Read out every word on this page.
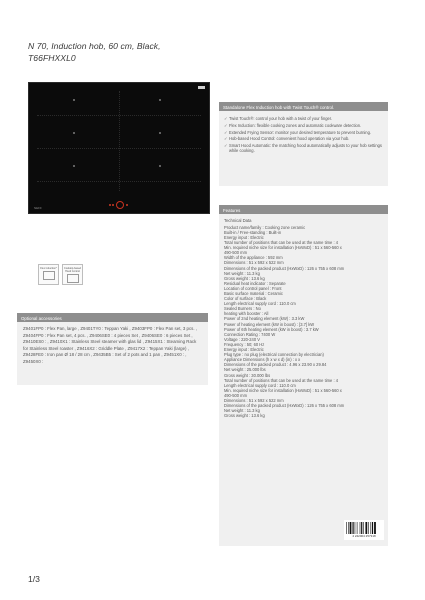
N 70, Induction hob, 60 cm, Black,
T66FHXXL0
NEFF
Flex Induction*	Cooktop-based Hood Control
Standalone Flex Induction hob with Twist Touch® control.
✓ Twist Touch®: control your hob with a twist of your finger.
✓ Flex Induction: flexible cooking zones and automatic cookware detection.
✓ Extended Frying Sensor: monitor your desired temperature to prevent burning.
✓ Hob-based Hood Control: convenient hood operation via your hob.
✓ Smart Hood Automatic: the matching hood automatically adjusts to your hob settings while cooking.
Features
Technical Data
Product name/family : Cooking zone ceramic
Built-in / Free-standing : Built-in
Energy input : Electric
Total number of positions that can be used at the same time : 4
Min. required niche size for installation (HxWxD) : 51 x 560-560 x
490-500 mm
Width of the appliance : 592 mm
Dimensions : 51 x 592 x 522 mm
Dimensions of the packed product (HxWxD) : 126 x 755 x 608 mm
Net weight : 11.3 kg
Gross weight : 13.6 kg
Residual heat indicator : Separate
Location of control panel : Front
Basic surface material : Ceramic
Color of surface : Black
Length electrical supply cord : 110.0 cm
Sealed Burners : No
heating with booster : All
Power of 2nd heating element (kW) : 3.3 kW
Power of heating element (kW in boost) : [3.7] kW
Power of 6th heating element (kW in boost) : 3.7 kW
Connection Rating : 7400 W
Voltage : 220-240 V
Frequency : 50; 60 Hz
Energy input : Electric
Plug type : no plug (electrical connection by electrician)
Appliance Dimensions (h x w x d) (in) : x x
Dimensions of the packed product : 4.96 x 23.90 x 29.84
Net weight : 25.000 lbs
Gross weight : 30.000 lbs
Total number of positions that can be used at the same time : 4
Length electrical supply cord : 110.0 cm
Min. required niche size for installation (HxWxD) : 51 x 560-560 x
490-500 mm
Dimensions : 51 x 592 x 522 mm
Dimensions of the packed product (HxWxD) : 126 x 755 x 608 mm
Net weight : 11.3 kg
Gross weight : 13.6 kg
Optional accessories
Z9401FP0 : Flex Pan, large , Z9401TY0 : Teppan Yaki , Z9403FP0 : Flex Pan set, 3 pcs. , Z9404FP0 : Flex Pan set, 4 pcs. , Z9406SE0 : 4 pieces Set , Z9406SE0 : 6 pieces Set , Z9410ES0 : , Z9410X1 : Stainless Steel steamer with glas lid , Z9415X1 : Steaming Rack for Stainless Steel roaster , Z9416X2 : Griddle Plate , Z9417X2 : Teppan Yaki (large) , Z9428FE0 : Iron pan Ø 18 / 28 cm , Z9435B5 : Set of 2 pots and 1 pan , Z9451X0 : , Z9450X0 :
4 242004 257318
1/3
